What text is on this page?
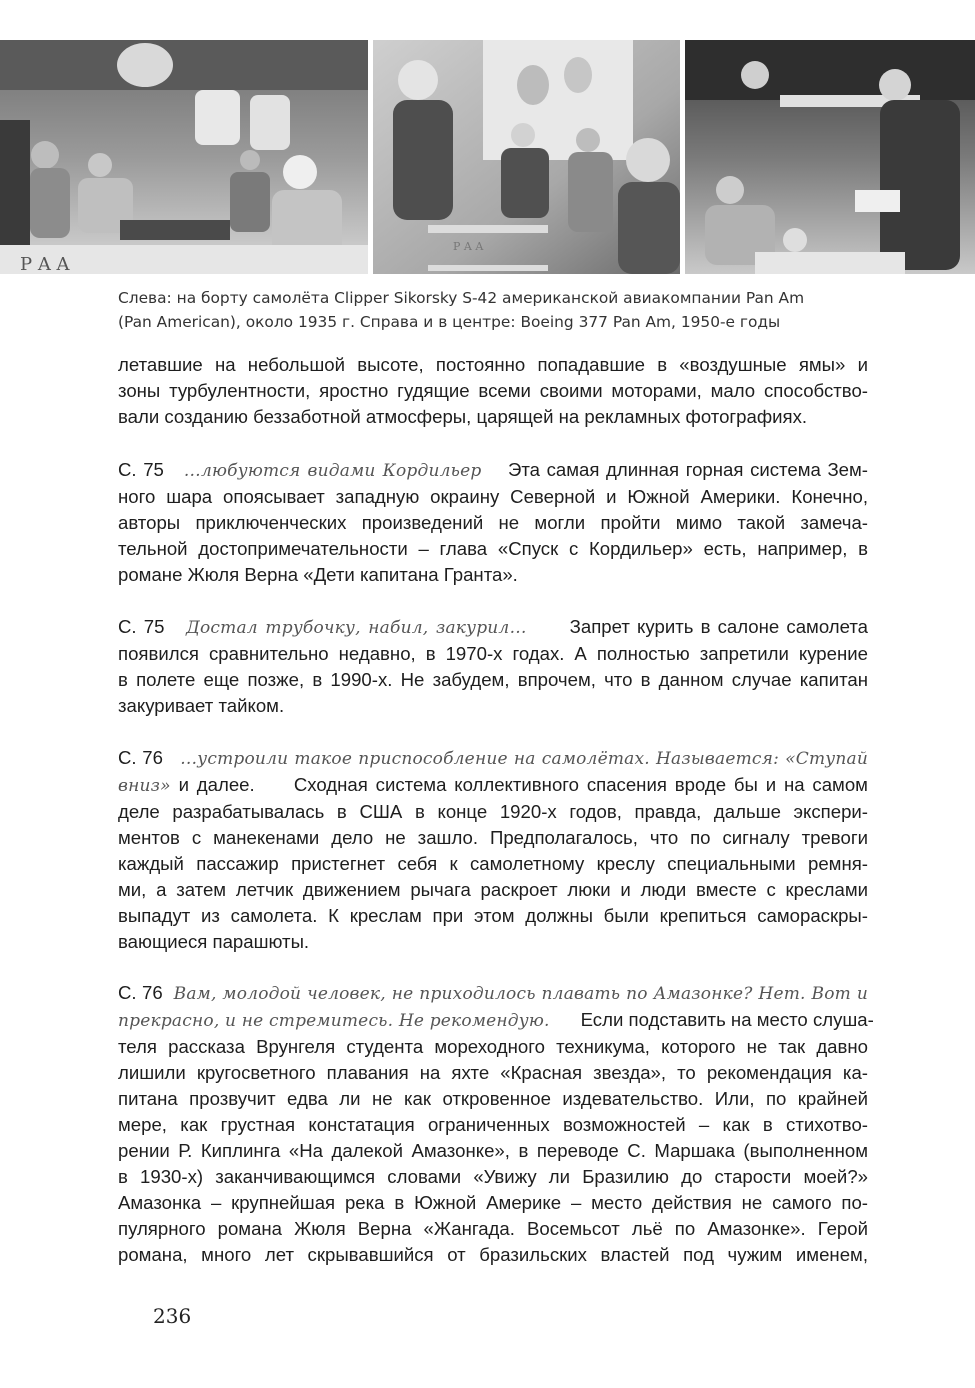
P A A
P A A
Слева: на борту самолёта Clipper Sikorsky S-42 американской авиакомпании Pan Am
(Pan American), около 1935 г. Справа и в центре: Boeing 377 Pan Am, 1950-е годы
летавшие на небольшой высоте, постоянно попадавшие в «воздушные ямы» и
зоны турбулентности, яростно гудящие всеми своими моторами, мало способство-
вали созданию беззаботной атмосферы, царящей на рекламных фотографиях.
С. 75 …любуются видами Кордильер Эта самая длинная горная система Зем-
ного шара опоясывает западную окраину Северной и Южной Америки. Конечно,
авторы приключенческих произведений не могли пройти мимо такой замеча-
тельной достопримечательности – глава «Спуск с Кордильер» есть, например, в
романе Жюля Верна «Дети капитана Гранта».
С. 75 Достал трубочку, набил, закурил… Запрет курить в салоне самолета
появился сравнительно недавно, в 1970-х годах. А полностью запретили курение
в полете еще позже, в 1990-х. Не забудем, впрочем, что в данном случае капитан
закуривает тайком.
С. 76 …устроили такое приспособление на самолётах. Называется: «Ступай
вниз» и далее. Сходная система коллективного спасения вроде бы и на самом
деле разрабатывалась в США в конце 1920-х годов, правда, дальше экспери-
ментов с манекенами дело не зашло. Предполагалось, что по сигналу тревоги
каждый пассажир пристегнет себя к самолетному креслу специальными ремня-
ми, а затем летчик движением рычага раскроет люки и люди вместе с креслами
выпадут из самолета. К креслам при этом должны были крепиться самораскры-
вающиеся парашюты.
С. 76 Вам, молодой человек, не приходилось плавать по Амазонке? Нет. Вот и
прекрасно, и не стремитесь. Не рекомендую. Если подставить на место слуша-
теля рассказа Врунгеля студента мореходного техникума, которого не так давно
лишили кругосветного плавания на яхте «Красная звезда», то рекомендация ка-
питана прозвучит едва ли не как откровенное издевательство. Или, по крайней
мере, как грустная констатация ограниченных возможностей – как в стихотво-
рении Р. Киплинга «На далекой Амазонке», в переводе С. Маршака (выполненном
в 1930-х) заканчивающимся словами «Увижу ли Бразилию до старости моей?»
Амазонка – крупнейшая река в Южной Америке – место действия не самого по-
пулярного романа Жюля Верна «Жангада. Восемьсот льё по Амазонке». Герой
романа, много лет скрывавшийся от бразильских властей под чужим именем,
236
